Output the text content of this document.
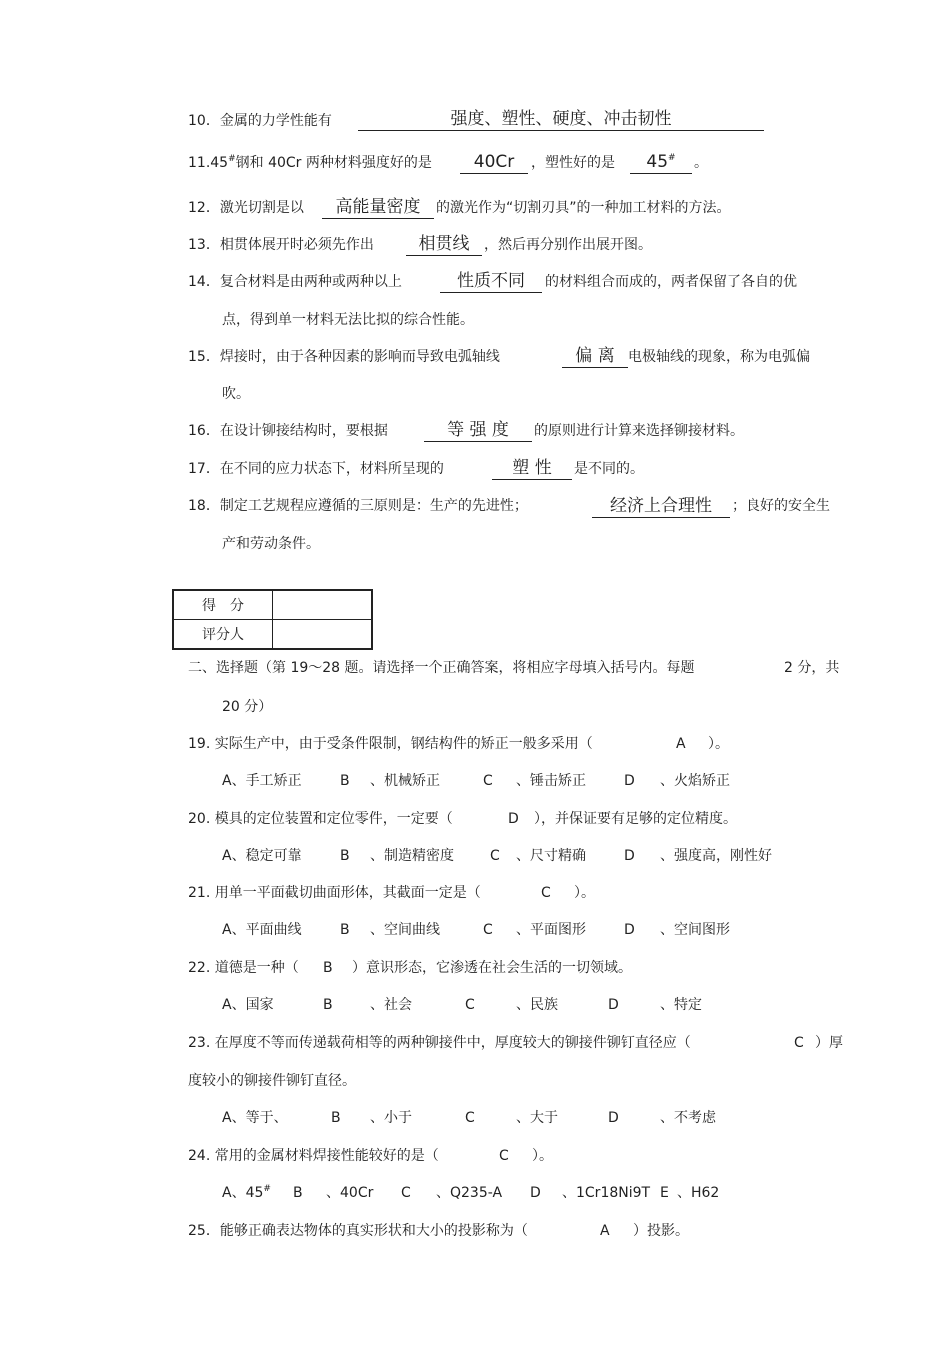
10．金属的力学性能有	强度、塑性、硬度、冲击韧性
11.45#钢和 40Cr 两种材料强度好的是	40Cr	，塑性好的是	45#	。
12．激光切割是以	高能量密度	的激光作为“切割刃具”的一种加工材料的方法。
13．相贯体展开时必须先作出	相贯线	，然后再分别作出展开图。
14．复合材料是由两种或两种以上	性质不同	的材料组合而成的，两者保留了各自的优
点，得到单一材料无法比拟的综合性能。
15．焊接时，由于各种因素的影响而导致电弧轴线	偏 离 电极轴线的现象，称为电弧偏
吹。
16．在设计铆接结构时，要根据	等 强 度	的原则进行计算来选择铆接材料。
17．在不同的应力状态下，材料所呈现的	塑 性	是不同的。
18．制定工艺规程应遵循的三原则是：生产的先进性；	经济上合理性	；良好的安全生
产和劳动条件。
得　分	
评分人	
二、选择题（第 19～28 题。请选择一个正确答案，将相应字母填入括号内。每题	2 分，共
20 分）
19. 实际生产中，由于受条件限制，钢结构件的矫正一般多采用（	A ）。
A、手工矫正	B 、机械矫正	C 、锤击矫正	D 、火焰矫正
20. 模具的定位装置和定位零件，一定要（	D ），并保证要有足够的定位精度。
A、稳定可靠	B 、制造精密度	C 、尺寸精确	D 、强度高，刚性好
21. 用单一平面截切曲面形体，其截面一定是（	C ）。
A、平面曲线	B 、空间曲线	C 、平面图形	D 、空间图形
22. 道德是一种（ B ）意识形态，它渗透在社会生活的一切领域。
A、国家	B	、社会	C	、民族	D	、特定
23. 在厚度不等而传递载荷相等的两种铆接件中，厚度较大的铆接件铆钉直径应（	C ）厚
度较小的铆接件铆钉直径。
A、等于、	B 、小于	C	、大于	D	、不考虑
24. 常用的金属材料焊接性能较好的是（	C ）。
A、45# B 、40Cr C 、Q235-A D 、1Cr18Ni9T E 、H62
25．能够正确表达物体的真实形状和大小的投影称为（	A ）投影。
